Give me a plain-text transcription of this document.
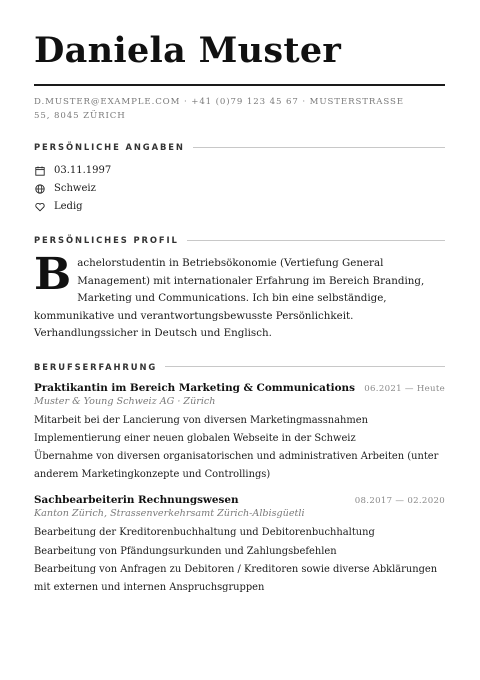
Daniela Muster
D.MUSTER@EXAMPLE.COM · +41 (0)79 123 45 67 · MUSTERSTRASSE 55, 8045 ZÜRICH
PERSÖNLICHE ANGABEN
03.11.1997
Schweiz
Ledig
PERSÖNLICHES PROFIL
B achelorstudentin in Betriebsökonomie (Vertiefung General Management) mit internationaler Erfahrung im Bereich Branding, Marketing und Communications. Ich bin eine selbständige, kommunikative und verantwortungsbewusste Persönlichkeit. Verhandlungssicher in Deutsch und Englisch.
BERUFSERFAHRUNG
Praktikantin im Bereich Marketing & Communications 06.2021 — Heute
Muster & Young Schweiz AG · Zürich
Mitarbeit bei der Lancierung von diversen Marketingmassnahmen
Implementierung einer neuen globalen Webseite in der Schweiz
Übernahme von diversen organisatorischen und administrativen Arbeiten (unter anderem Marketingkonzepte und Controllings)
Sachbearbeiterin Rechnungswesen	08.2017 — 02.2020
Kanton Zürich, Strassenverkehrsamt Zürich-Albisgüetli
Bearbeitung der Kreditorenbuchhaltung und Debitorenbuchhaltung
Bearbeitung von Pfändungsurkunden und Zahlungsbefehlen
Bearbeitung von Anfragen zu Debitoren / Kreditoren sowie diverse Abklärungen mit externen und internen Anspruchsgruppen
